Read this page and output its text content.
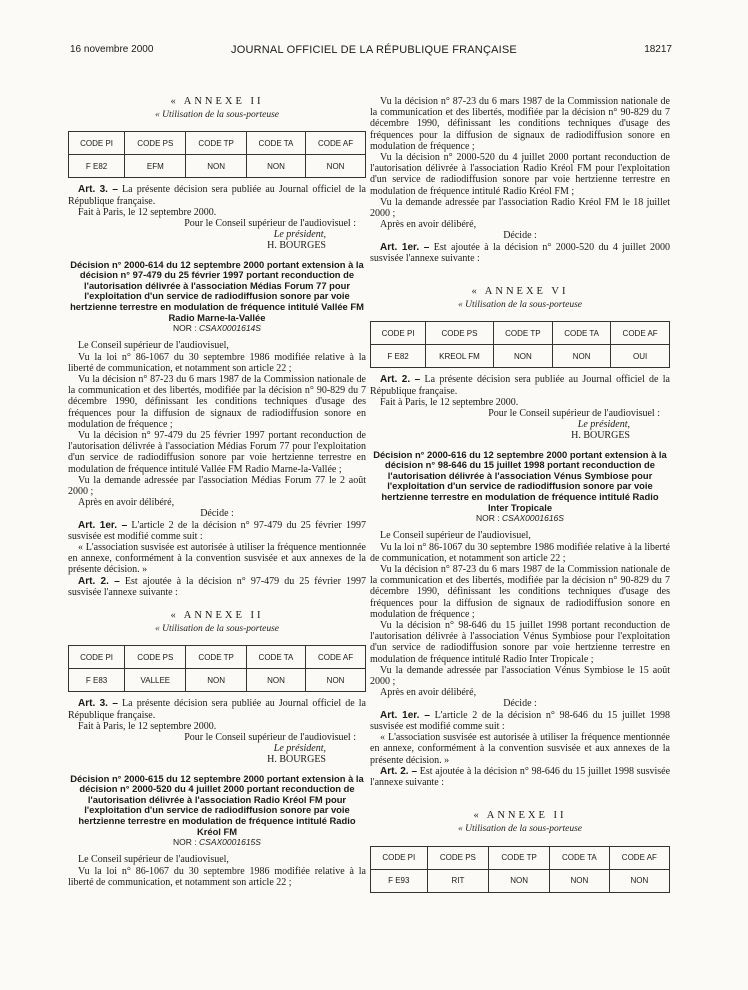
16 novembre 2000	JOURNAL OFFICIEL DE LA RÉPUBLIQUE FRANÇAISE	18217
« ANNEXE II
« Utilisation de la sous-porteuse
CODE PI	CODE PS	CODE TP	CODE TA	CODE AF
F E82	EFM	NON	NON	NON

Art. 3. – La présente décision sera publiée au Journal officiel de la République française.

Fait à Paris, le 12 septembre 2000.

Pour le Conseil supérieur de l'audiovisuel :

Le président,

H. BOURGES

Décision n° 2000-614 du 12 septembre 2000 portant extension à la décision n° 97-479 du 25 février 1997 portant reconduction de l'autorisation délivrée à l'association Médias Forum 77 pour l'exploitation d'un service de radiodiffusion sonore par voie hertzienne terrestre en modulation de fréquence intitulé Vallée FM Radio Marne-la-Vallée

NOR : CSAX0001614S

Le Conseil supérieur de l'audiovisuel,

Vu la loi n° 86-1067 du 30 septembre 1986 modifiée relative à la liberté de communication, et notamment son article 22 ;

Vu la décision n° 87-23 du 6 mars 1987 de la Commission nationale de la communication et des libertés, modifiée par la décision n° 90-829 du 7 décembre 1990, définissant les conditions techniques d'usage des fréquences pour la diffusion de signaux de radiodiffusion sonore en modulation de fréquence ;

Vu la décision n° 97-479 du 25 février 1997 portant reconduction de l'autorisation délivrée à l'association Médias Forum 77 pour l'exploitation d'un service de radiodiffusion sonore par voie hertzienne terrestre en modulation de fréquence intitulé Vallée FM Radio Marne-la-Vallée ;

Vu la demande adressée par l'association Médias Forum 77 le 2 août 2000 ;

Après en avoir délibéré,

Décide :

Art. 1er. – L'article 2 de la décision n° 97-479 du 25 février 1997 susvisée est modifié comme suit :

« L'association susvisée est autorisée à utiliser la fréquence mentionnée en annexe, conformément à la convention susvisée et aux annexes de la présente décision. »

Art. 2. – Est ajoutée à la décision n° 97-479 du 25 février 1997 susvisée l'annexe suivante :

« ANNEXE II
« Utilisation de la sous-porteuse
CODE PI	CODE PS	CODE TP	CODE TA	CODE AF
F E83	VALLEE	NON	NON	NON

Art. 3. – La présente décision sera publiée au Journal officiel de la République française.

Fait à Paris, le 12 septembre 2000.

Pour le Conseil supérieur de l'audiovisuel :

Le président,

H. BOURGES

Décision n° 2000-615 du 12 septembre 2000 portant extension à la décision n° 2000-520 du 4 juillet 2000 portant reconduction de l'autorisation délivrée à l'association Radio Kréol FM pour l'exploitation d'un service de radiodiffusion sonore par voie hertzienne terrestre en modulation de fréquence intitulé Radio Kréol FM

NOR : CSAX0001615S

Le Conseil supérieur de l'audiovisuel,

Vu la loi n° 86-1067 du 30 septembre 1986 modifiée relative à la liberté de communication, et notamment son article 22 ;

Vu la décision n° 87-23 du 6 mars 1987 de la Commission nationale de la communication et des libertés, modifiée par la décision n° 90-829 du 7 décembre 1990, définissant les conditions techniques d'usage des fréquences pour la diffusion de signaux de radiodiffusion sonore en modulation de fréquence ;

Vu la décision n° 2000-520 du 4 juillet 2000 portant reconduction de l'autorisation délivrée à l'association Radio Kréol FM pour l'exploitation d'un service de radiodiffusion sonore par voie hertzienne terrestre en modulation de fréquence intitulé Radio Kréol FM ;

Vu la demande adressée par l'association Radio Kréol FM le 18 juillet 2000 ;

Après en avoir délibéré,

Décide :

Art. 1er. – Est ajoutée à la décision n° 2000-520 du 4 juillet 2000 susvisée l'annexe suivante :

« ANNEXE VI
« Utilisation de la sous-porteuse
CODE PI	CODE PS	CODE TP	CODE TA	CODE AF
F E82	KREOL FM	NON	NON	OUI

Art. 2. – La présente décision sera publiée au Journal officiel de la République française.

Fait à Paris, le 12 septembre 2000.

Pour le Conseil supérieur de l'audiovisuel :

Le président,

H. BOURGES

Décision n° 2000-616 du 12 septembre 2000 portant extension à la décision n° 98-646 du 15 juillet 1998 portant reconduction de l'autorisation délivrée à l'association Vénus Symbiose pour l'exploitation d'un service de radiodiffusion sonore par voie hertzienne terrestre en modulation de fréquence intitulé Radio Inter Tropicale

NOR : CSAX0001616S

Le Conseil supérieur de l'audiovisuel,

Vu la loi n° 86-1067 du 30 septembre 1986 modifiée relative à la liberté de communication, et notamment son article 22 ;

Vu la décision n° 87-23 du 6 mars 1987 de la Commission nationale de la communication et des libertés, modifiée par la décision n° 90-829 du 7 décembre 1990, définissant les conditions techniques d'usage des fréquences pour la diffusion de signaux de radiodiffusion sonore en modulation de fréquence ;

Vu la décision n° 98-646 du 15 juillet 1998 portant reconduction de l'autorisation délivrée à l'association Vénus Symbiose pour l'exploitation d'un service de radiodiffusion sonore par voie hertzienne terrestre en modulation de fréquence intitulé Radio Inter Tropicale ;

Vu la demande adressée par l'association Vénus Symbiose le 15 août 2000 ;

Après en avoir délibéré,

Décide :

Art. 1er. – L'article 2 de la décision n° 98-646 du 15 juillet 1998 susvisée est modifié comme suit :

« L'association susvisée est autorisée à utiliser la fréquence mentionnée en annexe, conformément à la convention susvisée et aux annexes de la présente décision. »

Art. 2. – Est ajoutée à la décision n° 98-646 du 15 juillet 1998 susvisée l'annexe suivante :

« ANNEXE II
« Utilisation de la sous-porteuse
CODE PI	CODE PS	CODE TP	CODE TA	CODE AF
F E93	RIT	NON	NON	NON
